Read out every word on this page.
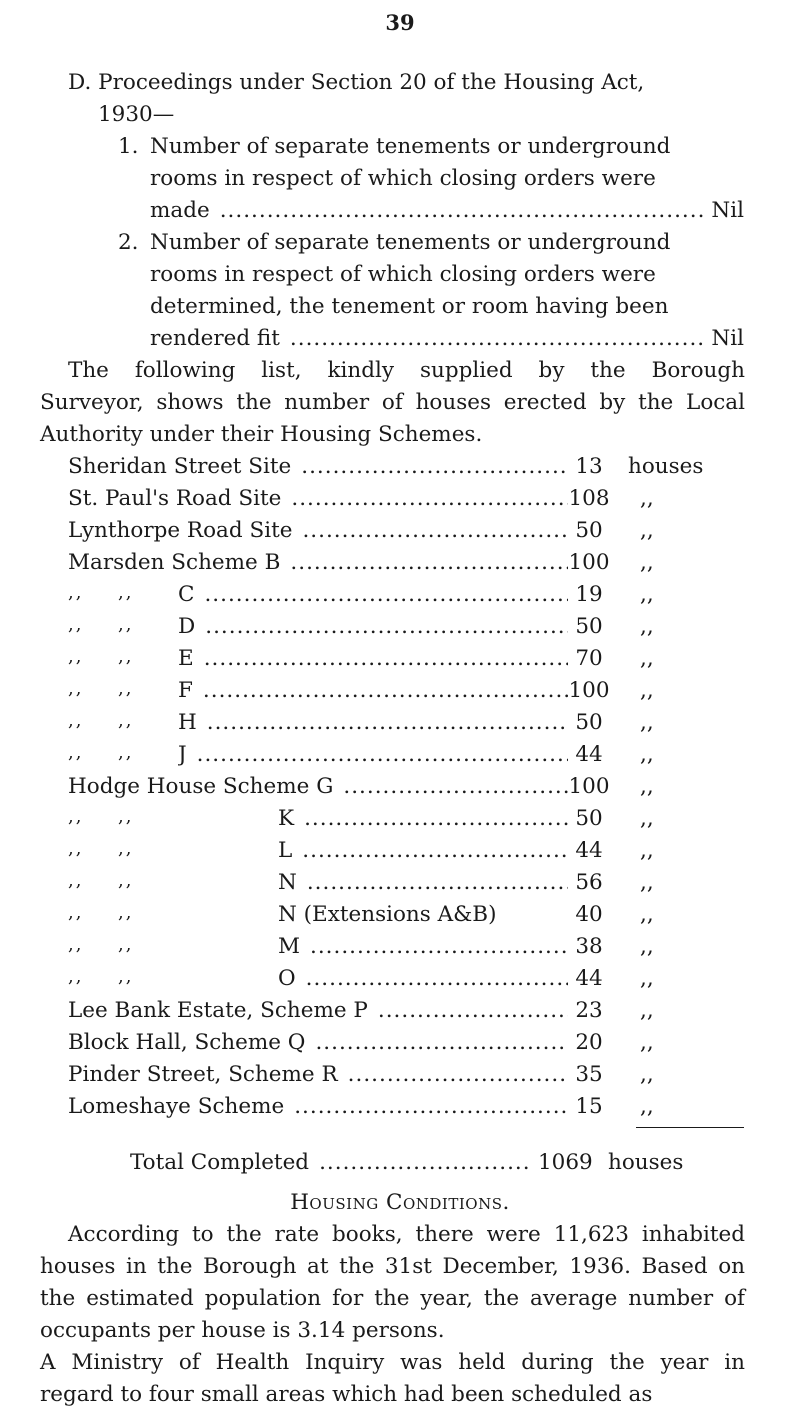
39
D. Proceedings under Section 20 of the Housing Act,
1930—
1. Number of separate tenements or underground
rooms in respect of which closing orders were
made .....	Nil
2. Number of separate tenements or underground
rooms in respect of which closing orders were
determined, the tenement or room having been
rendered fit .....	Nil
The following list, kindly supplied by the Borough
Surveyor, shows the number of houses erected by the Local
Authority under their Housing Schemes.
Sheridan Street Site .....	13	houses
St. Paul's Road Site .....	108	,,
Lynthorpe Road Site .....	50	,,
Marsden Scheme B .....	100	,,
,, ,, C .....	19	,,
,, ,, D .....	50	,,
,, ,, E .....	70	,,
,, ,, F .....	100	,,
,, ,, H .....	50	,,
,, ,, J .....	44	,,
Hodge House Scheme G .....	100	,,
,, ,,	K .....	50	,,
,, ,,	L .....	44	,,
,, ,,	N .....	56	,,
,, ,,	N (Extensions A&B)	40	,,
,, ,,	M .....	38	,,
,, ,,	O .....	44	,,
Lee Bank Estate, Scheme P .....	23	,,
Block Hall, Scheme Q .....	20	,,
Pinder Street, Scheme R .....	35	,,
Lomeshaye Scheme .....	15	,,
Total Completed .....	1069 houses
Housing Conditions.
According to the rate books, there were 11,623 inhabited
houses in the Borough at the 31st December, 1936. Based on
the estimated population for the year, the average number of
occupants per house is 3.14 persons.
A Ministry of Health Inquiry was held during the year in
regard to four small areas which had been scheduled as
